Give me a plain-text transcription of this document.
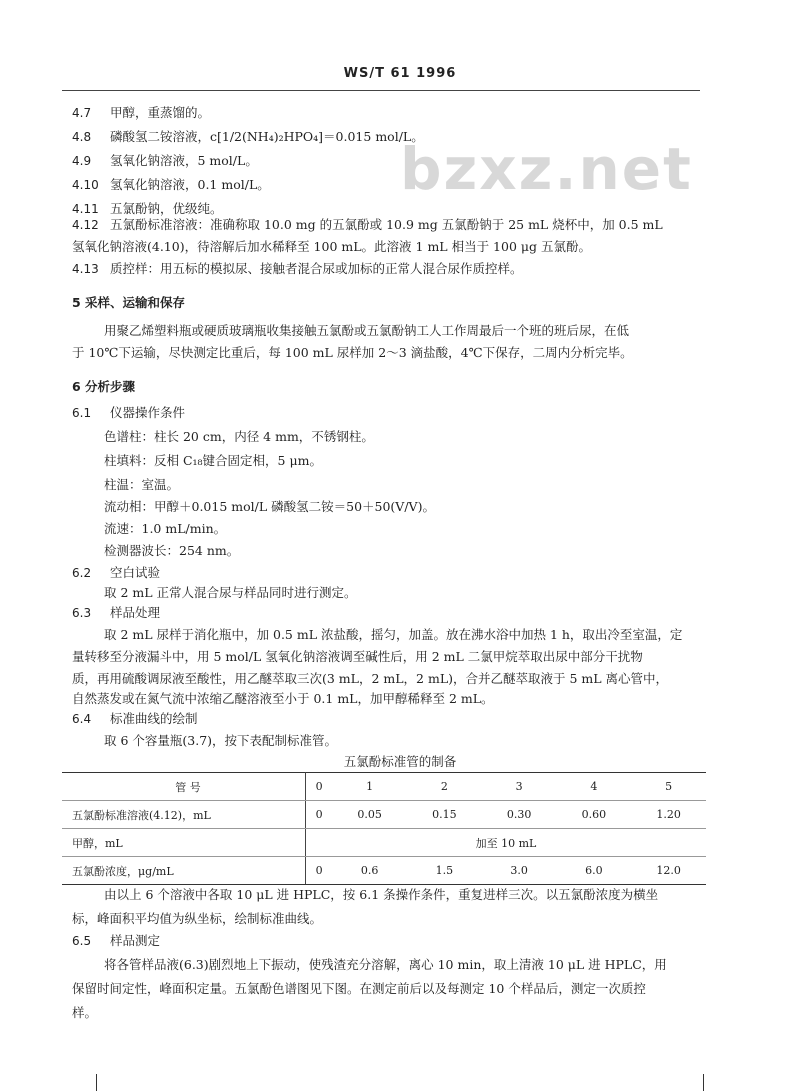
WS/T 61 1996
bzxz.net
4.7 甲醇，重蒸馏的。
4.8 磷酸氢二铵溶液，c[1/2(NH₄)₂HPO₄]＝0.015 mol/L。
4.9 氢氧化钠溶液，5 mol/L。
4.10 氢氧化钠溶液，0.1 mol/L。
4.11 五氯酚钠，优级纯。
4.12 五氯酚标准溶液：准确称取 10.0 mg 的五氯酚或 10.9 mg 五氯酚钠于 25 mL 烧杯中，加 0.5 mL
氢氧化钠溶液(4.10)，待溶解后加水稀释至 100 mL。此溶液 1 mL 相当于 100 μg 五氯酚。
4.13 质控样：用五标的模拟尿、接触者混合尿或加标的正常人混合尿作质控样。
5 采样、运输和保存
用聚乙烯塑料瓶或硬质玻璃瓶收集接触五氯酚或五氯酚钠工人工作周最后一个班的班后尿，在低
于 10℃下运输，尽快测定比重后，每 100 mL 尿样加 2～3 滴盐酸，4℃下保存，二周内分析完毕。
6 分析步骤
6.1 仪器操作条件
色谱柱：柱长 20 cm，内径 4 mm，不锈钢柱。
柱填料：反相 C₁₈键合固定相，5 μm。
柱温：室温。
流动相：甲醇＋0.015 mol/L 磷酸氢二铵＝50＋50(V/V)。
流速：1.0 mL/min。
检测器波长：254 nm。
6.2 空白试验
取 2 mL 正常人混合尿与样品同时进行测定。
6.3 样品处理
取 2 mL 尿样于消化瓶中，加 0.5 mL 浓盐酸，摇匀，加盖。放在沸水浴中加热 1 h，取出冷至室温，定
量转移至分液漏斗中，用 5 mol/L 氢氧化钠溶液调至碱性后，用 2 mL 二氯甲烷萃取出尿中部分干扰物
质，再用硫酸调尿液至酸性，用乙醚萃取三次(3 mL，2 mL，2 mL)，合并乙醚萃取液于 5 mL 离心管中，
自然蒸发或在氮气流中浓缩乙醚溶液至小于 0.1 mL，加甲醇稀释至 2 mL。
6.4 标准曲线的绘制
取 6 个容量瓶(3.7)，按下表配制标准管。
五氯酚标准管的制备
管 号	0	1	2	3	4	5
五氯酚标准溶液(4.12)，mL	0	0.05	0.15	0.30	0.60	1.20
甲醇，mL	加至 10 mL					
五氯酚浓度，μg/mL	0	0.6	1.5	3.0	6.0	12.0
由以上 6 个溶液中各取 10 μL 进 HPLC，按 6.1 条操作条件，重复进样三次。以五氯酚浓度为横坐
标，峰面积平均值为纵坐标，绘制标准曲线。
6.5 样品测定
将各管样品液(6.3)剧烈地上下振动，使残渣充分溶解，离心 10 min，取上清液 10 μL 进 HPLC，用
保留时间定性，峰面积定量。五氯酚色谱图见下图。在测定前后以及每测定 10 个样品后，测定一次质控
样。
